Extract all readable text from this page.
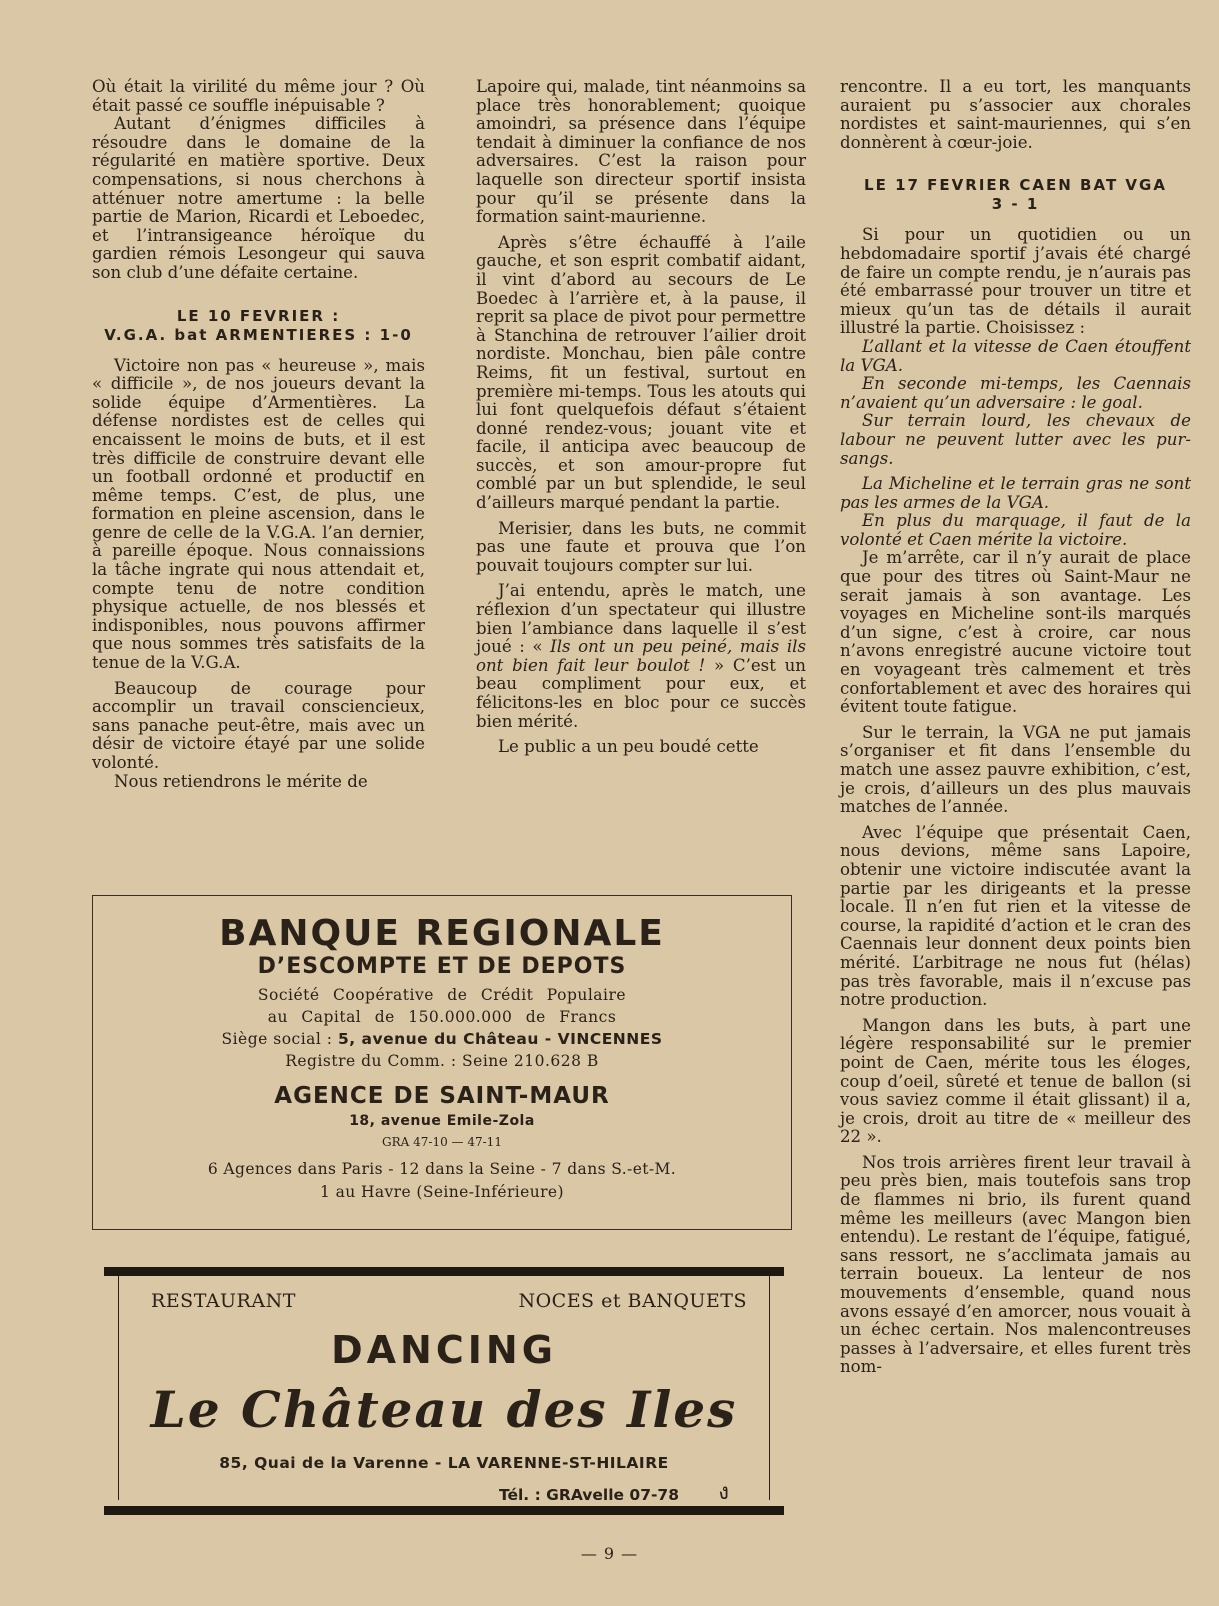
Où était la virilité du même jour ? Où était passé ce souffle inépuisable ?

Autant d’énigmes difficiles à résoudre dans le domaine de la régularité en matière sportive. Deux compensations, si nous cherchons à atténuer notre amertume : la belle partie de Marion, Ricardi et Leboedec, et l’intransigeance héroïque du gardien rémois Lesongeur qui sauva son club d’une défaite certaine.

LE 10 FEVRIER :
V.G.A. bat ARMENTIERES : 1-0

Victoire non pas « heureuse », mais « difficile », de nos joueurs devant la solide équipe d’Armentières. La défense nordistes est de celles qui encaissent le moins de buts, et il est très difficile de construire devant elle un football ordonné et productif en même temps. C’est, de plus, une formation en pleine ascension, dans le genre de celle de la V.G.A. l’an dernier, à pareille époque. Nous connaissions la tâche ingrate qui nous attendait et, compte tenu de notre condition physique actuelle, de nos blessés et indisponibles, nous pouvons affirmer que nous sommes très satisfaits de la tenue de la V.G.A.

Beaucoup de courage pour accomplir un travail consciencieux, sans panache peut-être, mais avec un désir de victoire étayé par une solide volonté.

Nous retiendrons le mérite de

Lapoire qui, malade, tint néanmoins sa place très honorablement; quoique amoindri, sa présence dans l’équipe tendait à diminuer la confiance de nos adversaires. C’est la raison pour laquelle son directeur sportif insista pour qu’il se présente dans la formation saint-maurienne.

Après s’être échauffé à l’aile gauche, et son esprit combatif aidant, il vint d’abord au secours de Le Boedec à l’arrière et, à la pause, il reprit sa place de pivot pour permettre à Stanchina de retrouver l’ailier droit nordiste. Monchau, bien pâle contre Reims, fit un festival, surtout en première mi-temps. Tous les atouts qui lui font quelquefois défaut s’étaient donné rendez-vous; jouant vite et facile, il anticipa avec beaucoup de succès, et son amour-propre fut comblé par un but splendide, le seul d’ailleurs marqué pendant la partie.

Merisier, dans les buts, ne commit pas une faute et prouva que l’on pouvait toujours compter sur lui.

J’ai entendu, après le match, une réflexion d’un spectateur qui illustre bien l’ambiance dans laquelle il s’est joué : « Ils ont un peu peiné, mais ils ont bien fait leur boulot ! » C’est un beau compliment pour eux, et félicitons-les en bloc pour ce succès bien mérité.

Le public a un peu boudé cette

rencontre. Il a eu tort, les manquants auraient pu s’associer aux chorales nordistes et saint-mauriennes, qui s’en donnèrent à cœur-joie.

LE 17 FEVRIER CAEN BAT VGA
3 - 1

Si pour un quotidien ou un hebdomadaire sportif j’avais été chargé de faire un compte rendu, je n’aurais pas été embarrassé pour trouver un titre et mieux qu’un tas de détails il aurait illustré la partie. Choisissez :

L’allant et la vitesse de Caen étouffent la VGA.

En seconde mi-temps, les Caennais n’avaient qu’un adversaire : le goal.

Sur terrain lourd, les chevaux de labour ne peuvent lutter avec les pur-sangs.

La Micheline et le terrain gras ne sont pas les armes de la VGA.

En plus du marquage, il faut de la volonté et Caen mérite la victoire.

Je m’arrête, car il n’y aurait de place que pour des titres où Saint-Maur ne serait jamais à son avantage. Les voyages en Micheline sont-ils marqués d’un signe, c’est à croire, car nous n’avons enregistré aucune victoire tout en voyageant très calmement et très confortablement et avec des horaires qui évitent toute fatigue.

Sur le terrain, la VGA ne put jamais s’organiser et fit dans l’ensemble du match une assez pauvre exhibition, c’est, je crois, d’ailleurs un des plus mauvais matches de l’année.

Avec l’équipe que présentait Caen, nous devions, même sans Lapoire, obtenir une victoire indiscutée avant la partie par les dirigeants et la presse locale. Il n’en fut rien et la vitesse de course, la rapidité d’action et le cran des Caennais leur donnent deux points bien mérité. L’arbitrage ne nous fut (hélas) pas très favorable, mais il n’excuse pas notre production.

Mangon dans les buts, à part une légère responsabilité sur le premier point de Caen, mérite tous les éloges, coup d’oeil, sûreté et tenue de ballon (si vous saviez comme il était glissant) il a, je crois, droit au titre de « meilleur des 22 ».

Nos trois arrières firent leur travail à peu près bien, mais toutefois sans trop de flammes ni brio, ils furent quand même les meilleurs (avec Mangon bien entendu). Le restant de l’équipe, fatigué, sans ressort, ne s’acclimata jamais au terrain boueux. La lenteur de nos mouvements d’ensemble, quand nous avons essayé d’en amorcer, nous vouait à un échec certain. Nos malencontreuses passes à l’adversaire, et elles furent très nom-

BANQUE REGIONALE
D’ESCOMPTE ET DE DEPOTS
Société Coopérative de Crédit Populaire
au Capital de 150.000.000 de Francs
Siège social : 5, avenue du Château - VINCENNES
Registre du Comm. : Seine 210.628 B
AGENCE DE SAINT-MAUR
18, avenue Emile-Zola
GRA 47-10 — 47-11
6 Agences dans Paris - 12 dans la Seine - 7 dans S.-et-M.
1 au Havre (Seine-Inférieure)
RESTAURANT	NOCES et BANQUETS
DANCING
Le Château des Iles
85, Quai de la Varenne - LA VARENNE-ST-HILAIRE
Tél. : GRAvelle 07-78 ง
— 9 —
